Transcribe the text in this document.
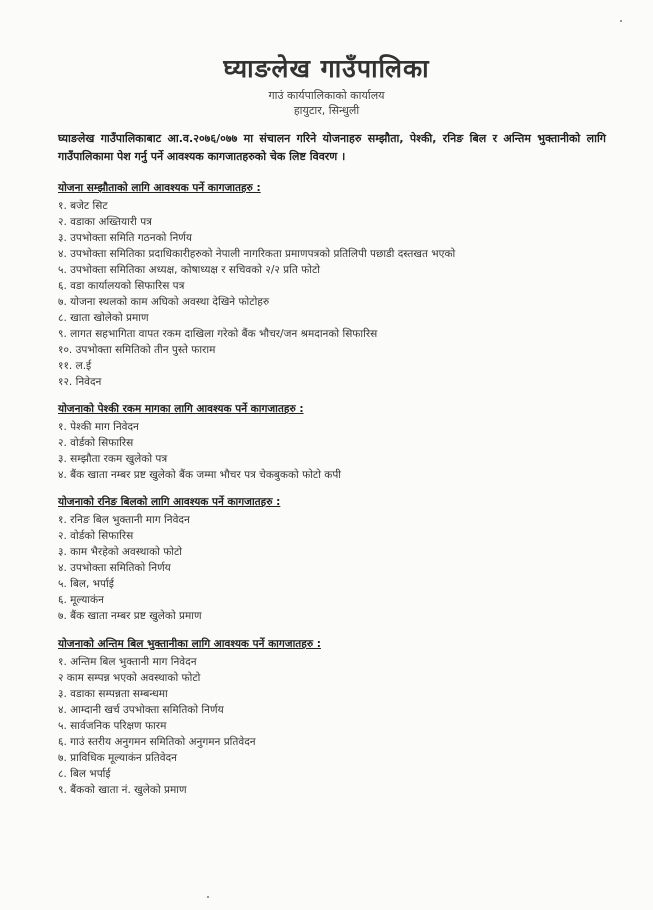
घ्याङलेख गाउँपालिका
गाउं कार्यपालिकाको कार्यालय
हायुटार, सिन्धुली
घ्याङलेख गाउँपालिकाबाट आ.व.२०७६/०७७ मा संचालन गरिने योजनाहरु सम्झौता, पेश्की, रनिङ बिल र अन्तिम भुक्तानीको लागि गाउँपालिकामा पेश गर्नु पर्ने आवश्यक कागजातहरुको चेक लिष्ट विवरण ।
योजना सम्झौताको लागि आवश्यक पर्ने कागजातहरु :
१. बजेट सिट
२. वडाका अख्तियारी पत्र
३. उपभोक्ता समिति गठनको निर्णय
४. उपभोक्ता समितिका प्रदाधिकारीहरुको नेपाली नागरिकता प्रमाणपत्रको प्रतिलिपी पछाडी दस्तखत भएको
५. उपभोक्ता समितिका अध्यक्ष, कोषाध्यक्ष र सचिवको २/२ प्रति फोटो
६. वडा कार्यालयको सिफारिस पत्र
७. योजना स्थलको काम अघिको अवस्था देखिने फोटोहरु
८. खाता खोलेको प्रमाण
९. लागत सहभागिता वापत रकम दाखिला गरेको बैंक भौचर/जन श्रमदानको सिफारिस
१०. उपभोक्ता समितिको तीन पुस्ते फाराम
११. ल.ई
१२. निवेदन
योजनाको पेश्की रकम मागका लागि आवश्यक पर्ने कागजातहरु :
१. पेश्की माग निवेदन
२. वोर्डको सिफारिस
३. सम्झौता रकम खुलेको पत्र
४. बैंक खाता नम्बर प्रष्ट खुलेको बैंक जम्मा भौचर पत्र चेकबुकको फोटो कपी
योजनाको रनिङ बिलको लागि आवश्यक पर्ने कागजातहरु :
१. रनिङ बिल भुक्तानी माग निवेदन
२. वोर्डको सिफारिस
३. काम भैरहेको अवस्थाको फोटो
४. उपभोक्ता समितिको निर्णय
५. बिल, भर्पाई
६. मूल्याकंन
७. बैंक खाता नम्बर प्रष्ट खुलेको प्रमाण
योजनाको अन्तिम बिल भुक्तानीका लागि आवश्यक पर्ने कागजातहरु :
१. अन्तिम बिल भुक्तानी माग निवेदन
२ काम सम्पन्न भएको अवस्थाको फोटो
३. वडाका सम्पन्नता सम्बन्धमा
४. आम्दानी खर्च उपभोक्ता समितिको निर्णय
५. सार्वजनिक परिक्षण फारम
६. गाउं स्तरीय अनुगमन समितिको अनुगमन प्रतिवेदन
७. प्राविधिक मूल्याकंन प्रतिवेदन
८. बिल भर्पाई
९. बैंकको खाता नं. खुलेको प्रमाण
